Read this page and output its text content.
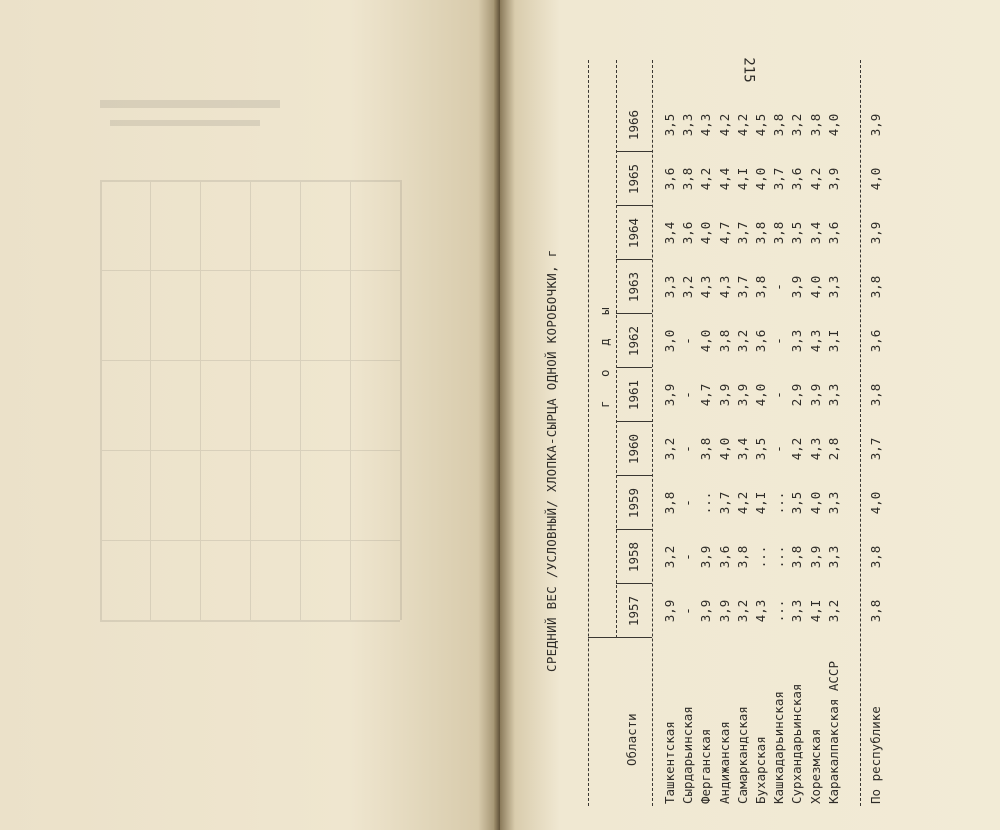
215
СРЕДНИЙ ВЕС /УСЛОВНЫЙ/ ХЛОПКА-СЫРЦА ОДНОЙ КОРОБОЧКИ, г
Области
г о д ы
1957
1958
1959
1960
1961
1962
1963
1964
1965
1966
Ташкентская
3,9
3,2
3,8
3,2
3,9
3,0
3,3
3,4
3,6
3,5
Сырдарьинская
-
-
-
-
-
-
3,2
3,6
3,8
3,3
Ферганская
3,9
3,9
...
3,8
4,7
4,0
4,3
4,0
4,2
4,3
Андижанская
3,9
3,6
3,7
4,0
3,9
3,8
4,3
4,7
4,4
4,2
Самаркандская
3,2
3,8
4,2
3,4
3,9
3,2
3,7
3,7
4,I
4,2
Бухарская
4,3
...
4,I
3,5
4,0
3,6
3,8
3,8
4,0
4,5
Кашкадарьинская
...
...
...
-
-
-
-
3,8
3,7
3,8
Сурхандарьинская
3,3
3,8
3,5
4,2
2,9
3,3
3,9
3,5
3,6
3,2
Хорезмская
4,I
3,9
4,0
4,3
3,9
4,3
4,0
3,4
4,2
3,8
Каракалпакская АССР
3,2
3,3
3,3
2,8
3,3
3,I
3,3
3,6
3,9
4,0
По республике
3,8
3,8
4,0
3,7
3,8
3,6
3,8
3,9
4,0
3,9
